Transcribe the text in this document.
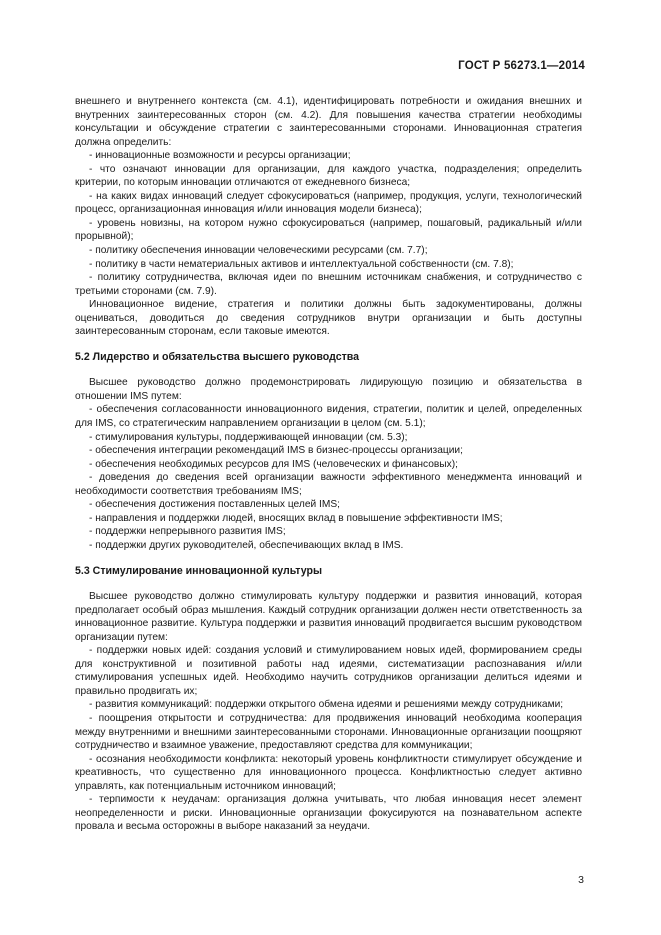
ГОСТ Р 56273.1—2014

внешнего и внутреннего контекста (см. 4.1), идентифицировать потребности и ожидания внешних и внутренних заинтересованных сторон (см. 4.2). Для повышения качества стратегии необходимы консультации и обсуждение стратегии с заинтересованными сторонами. Инновационная стратегия должна определить:

- инновационные возможности и ресурсы организации;

- что означают инновации для организации, для каждого участка, подразделения; определить критерии, по которым инновации отличаются от ежедневного бизнеса;

- на каких видах инноваций следует сфокусироваться (например, продукция, услуги, технологический процесс, организационная инновация и/или инновация модели бизнеса);

- уровень новизны, на котором нужно сфокусироваться (например, пошаговый, радикальный и/или прорывной);

- политику обеспечения инновации человеческими ресурсами (см. 7.7);

- политику в части нематериальных активов и интеллектуальной собственности (см. 7.8);

- политику сотрудничества, включая идеи по внешним источникам снабжения, и сотрудничество с третьими сторонами (см. 7.9).

Инновационное видение, стратегия и политики должны быть задокументированы, должны оцениваться, доводиться до сведения сотрудников внутри организации и быть доступны заинтересованным сторонам, если таковые имеются.

5.2 Лидерство и обязательства высшего руководства

Высшее руководство должно продемонстрировать лидирующую позицию и обязательства в отношении IMS путем:

- обеспечения согласованности инновационного видения, стратегии, политик и целей, определенных для IMS, со стратегическим направлением организации в целом (см. 5.1);

- стимулирования культуры, поддерживающей инновации (см. 5.3);

- обеспечения интеграции рекомендаций IMS в бизнес-процессы организации;

- обеспечения необходимых ресурсов для IMS (человеческих и финансовых);

- доведения до сведения всей организации важности эффективного менеджмента инноваций и необходимости соответствия требованиям IMS;

- обеспечения достижения поставленных целей IMS;

- направления и поддержки людей, вносящих вклад в повышение эффективности IMS;

- поддержки непрерывного развития IMS;

- поддержки других руководителей, обеспечивающих вклад в IMS.

5.3 Стимулирование инновационной культуры

Высшее руководство должно стимулировать культуру поддержки и развития инноваций, которая предполагает особый образ мышления. Каждый сотрудник организации должен нести ответственность за инновационное развитие. Культура поддержки и развития инноваций продвигается высшим руководством организации путем:

- поддержки новых идей: создания условий и стимулированием новых идей, формированием среды для конструктивной и позитивной работы над идеями, систематизации распознавания и/или стимулирования успешных идей. Необходимо научить сотрудников организации делиться идеями и правильно продвигать их;

- развития коммуникаций: поддержки открытого обмена идеями и решениями между сотрудниками;

- поощрения открытости и сотрудничества: для продвижения инноваций необходима кооперация между внутренними и внешними заинтересованными сторонами. Инновационные организации поощряют сотрудничество и взаимное уважение, предоставляют средства для коммуникации;

- осознания необходимости конфликта: некоторый уровень конфликтности стимулирует обсуждение и креативность, что существенно для инновационного процесса. Конфликтностью следует активно управлять, как потенциальным источником инноваций;

- терпимости к неудачам: организация должна учитывать, что любая инновация несет элемент неопределенности и риски. Инновационные организации фокусируются на познавательном аспекте провала и весьма осторожны в выборе наказаний за неудачи.

3
